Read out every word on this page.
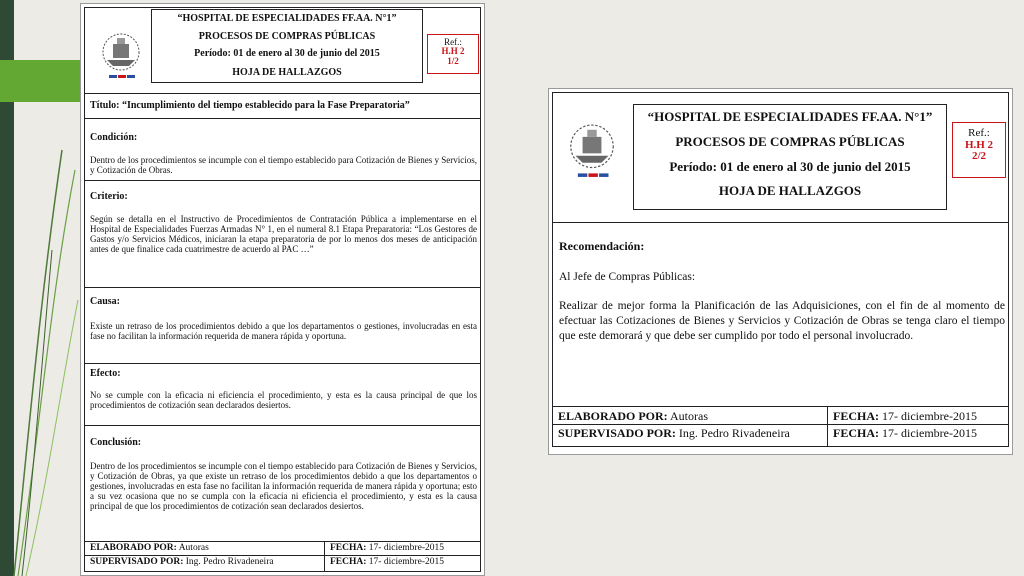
“HOSPITAL DE ESPECIALIDADES FF.AA. N°1”
PROCESOS DE COMPRAS PÚBLICAS
Período: 01 de enero al 30 de junio del 2015
HOJA DE HALLAZGOS
Ref.:
H.H 2
1/2
Título: “Incumplimiento del tiempo establecido para la Fase Preparatoria”
Condición:
Dentro de los procedimientos se incumple con el tiempo establecido para Cotización de Bienes y Servicios, y Cotización de Obras.
Criterio:
Según se detalla en el Instructivo de Procedimientos de Contratación Pública a implementarse en el Hospital de Especialidades Fuerzas Armadas N° 1, en el numeral 8.1 Etapa Preparatoria: “Los Gestores de Gastos y/o Servicios Médicos, iniciaran la etapa preparatoria de por lo menos dos meses de anticipación antes de que finalice cada cuatrimestre de acuerdo al PAC …”
Causa:
Existe un retraso de los procedimientos debido a que los departamentos o gestiones, involucradas en esta fase no facilitan la información requerida de manera rápida y oportuna.
Efecto:
No se cumple con la eficacia ni eficiencia el procedimiento, y esta es la causa principal de que los procedimientos de cotización sean declarados desiertos.
Conclusión:
Dentro de los procedimientos se incumple con el tiempo establecido para Cotización de Bienes y Servicios, y Cotización de Obras, ya que existe un retraso de los procedimientos debido a que los departamentos o gestiones, involucradas en esta fase no facilitan la información requerida de manera rápida y oportuna; esto a su vez ocasiona que no se cumpla con la eficacia ni eficiencia el procedimiento, y esta es la causa principal de que los procedimientos de cotización sean declarados desiertos.
ELABORADO POR: Autoras
SUPERVISADO POR: Ing. Pedro Rivadeneira
FECHA: 17- diciembre-2015
FECHA: 17- diciembre-2015
“HOSPITAL DE ESPECIALIDADES FF.AA. N°1”
PROCESOS DE COMPRAS PÚBLICAS
Período: 01 de enero al 30 de junio del 2015
HOJA DE HALLAZGOS
Ref.:
H.H 2
2/2
Recomendación:
Al Jefe de Compras Públicas:
Realizar de mejor forma la Planificación de las Adquisiciones, con el fin de al momento de efectuar las Cotizaciones de Bienes y Servicios y Cotización de Obras se tenga claro el tiempo que este demorará y que debe ser cumplido por todo el personal involucrado.
ELABORADO POR: Autoras
SUPERVISADO POR: Ing. Pedro Rivadeneira
FECHA: 17- diciembre-2015
FECHA: 17- diciembre-2015
